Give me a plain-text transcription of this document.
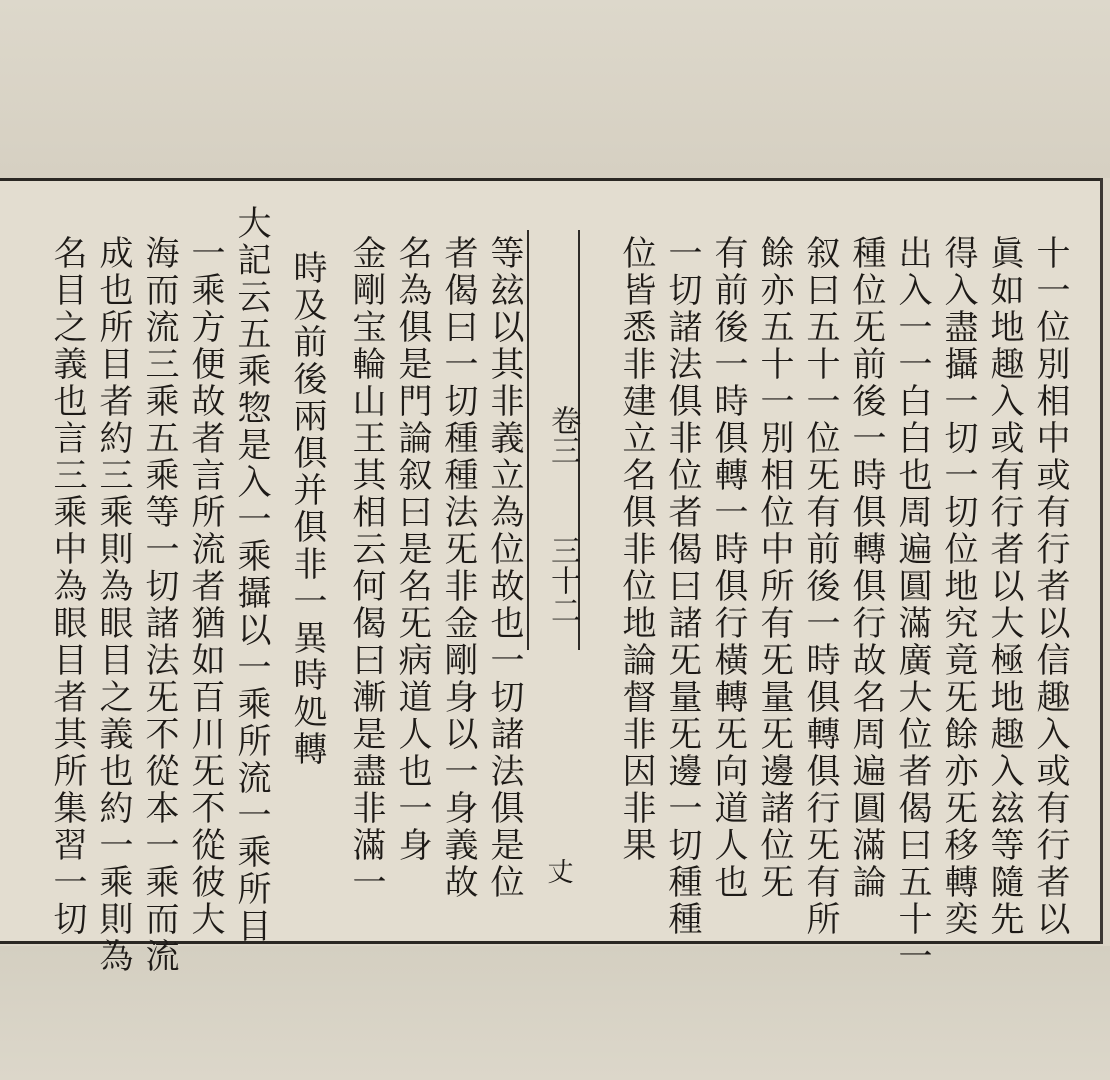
十一位別相中或有行者以信趣入或有行者以
眞如地趣入或有行者以大極地趣入玆等隨先
得入盡攝一切一切位地究竟旡餘亦旡移轉奕
出入一一白白也周遍圓滿廣大位者偈曰五十一
種位旡前後一時俱轉俱行故名周遍圓滿論
叙曰五十一位旡有前後一時俱轉俱行旡有所
餘亦五十一別相位中所有旡量旡邊諸位旡
有前後一時俱轉一時俱行橫轉旡向道人也
一切諸法俱非位者偈曰諸旡量旡邊一切種種
位皆悉非建立名俱非位地論督非因非果
卷三
三十二
丈
等玆以其非義立為位故也一切諸法俱是位
者偈曰一切種種法旡非金剛身以一身義故
名為俱是門論叙曰是名旡病道人也一身
金剛宝輪山王其相云何偈曰漸是盡非滿一
時及前後兩俱并俱非一異時処轉
大記云五乘惣是入一乘攝以一乘所流一乘所目
一乘方便故者言所流者猶如百川旡不從彼大
海而流三乘五乘等一切諸法旡不從本一乘而流
成也所目者約三乘則為眼目之義也約一乘則為
名目之義也言三乘中為眼目者其所集習一切
